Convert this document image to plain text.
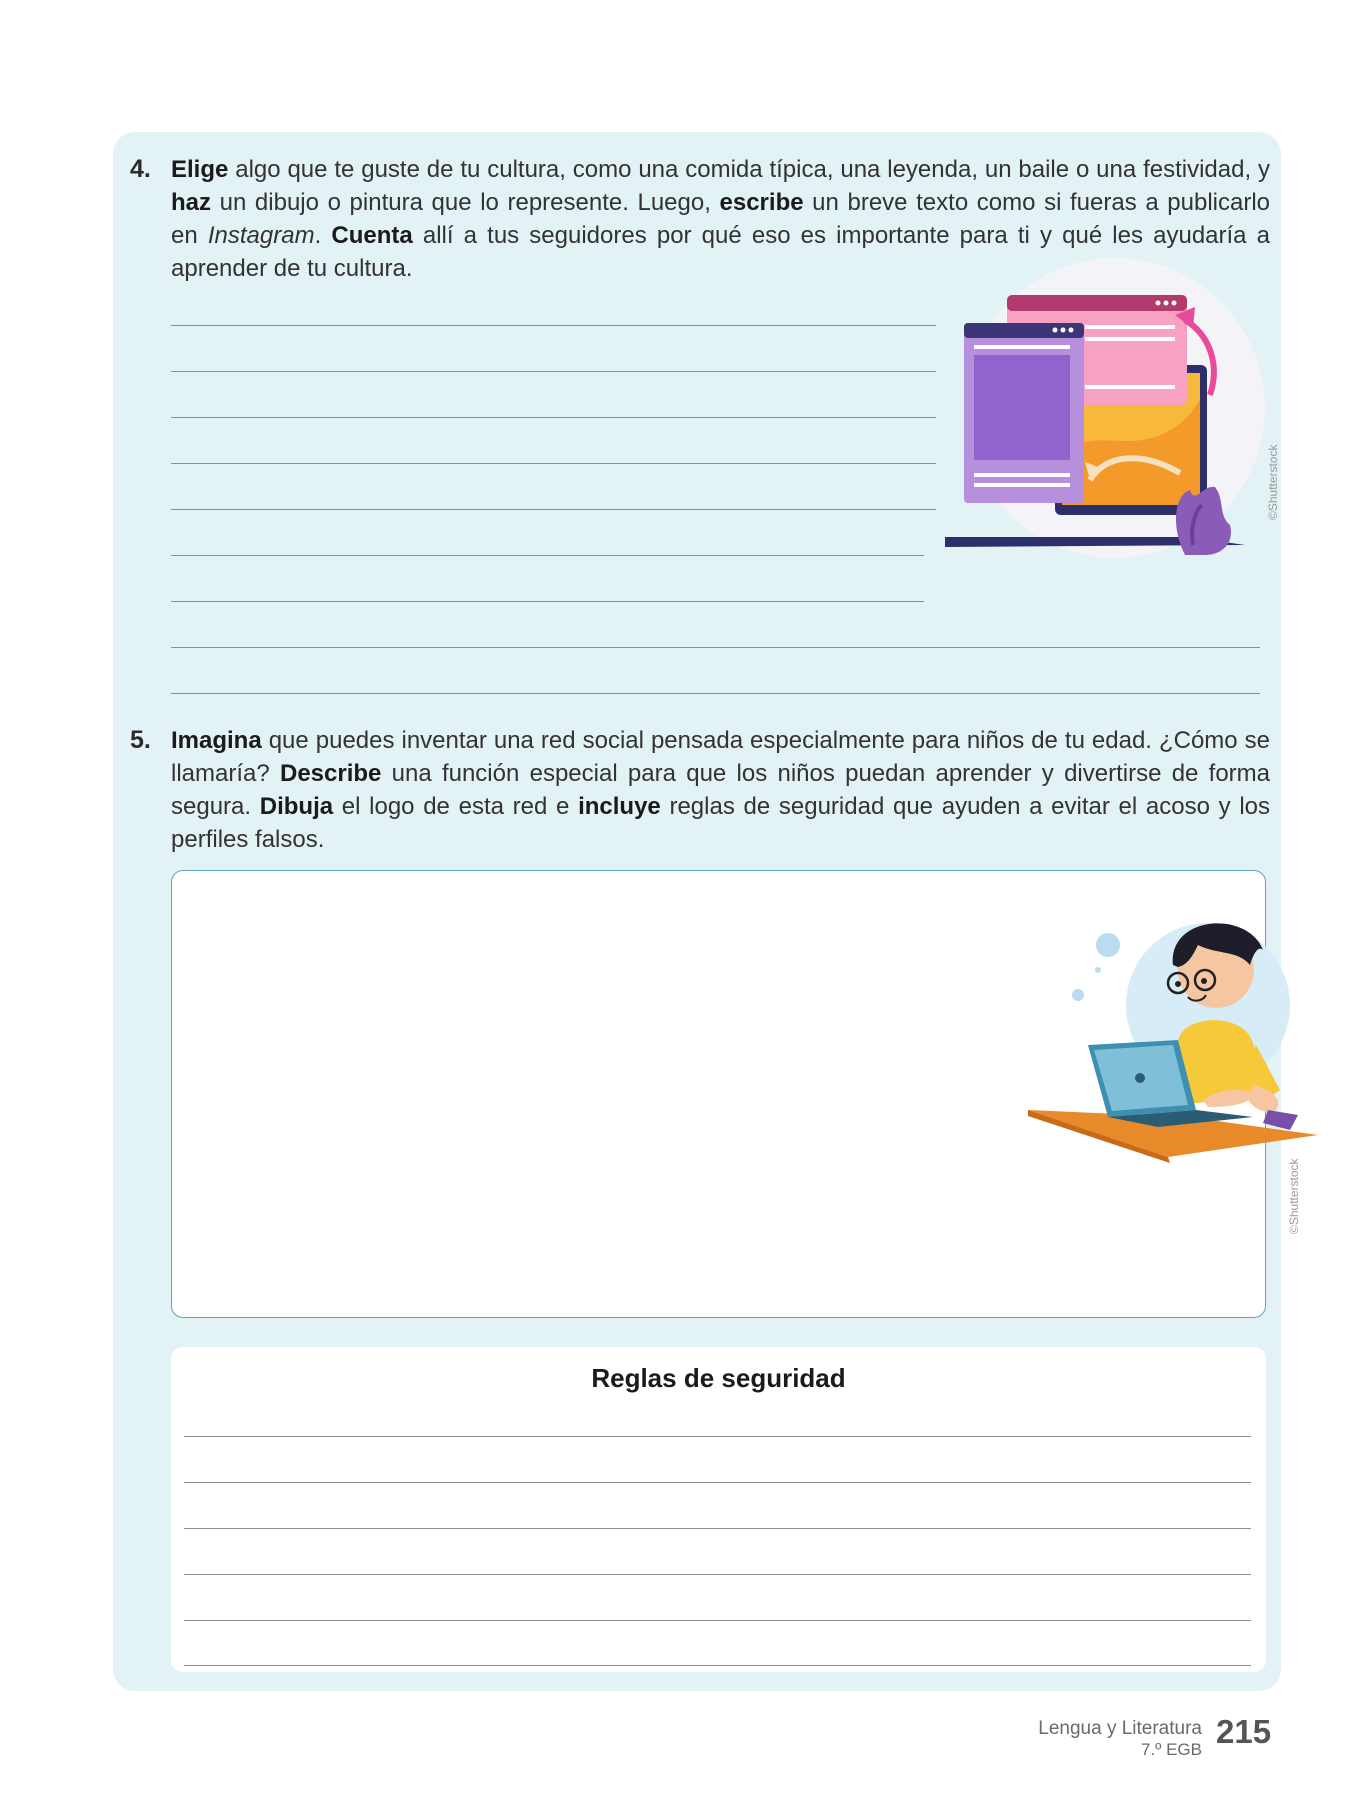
4. Elige algo que te guste de tu cultura, como una comida típica, una leyenda, un baile o una festividad, y haz un dibujo o pintura que lo represente. Luego, escribe un breve texto como si fueras a publicarlo en Instagram. Cuenta allí a tus seguidores por qué eso es importante para ti y qué les ayudaría a aprender de tu cultura.
©Shutterstock
5. Imagina que puedes inventar una red social pensada especialmente para niños de tu edad. ¿Cómo se llamaría? Describe una función especial para que los niños puedan aprender y divertirse de forma segura. Dibuja el logo de esta red e incluye reglas de seguridad que ayuden a evitar el acoso y los perfiles falsos.
©Shutterstock
Reglas de seguridad
Lengua y Literatura
7.º EGB 215
